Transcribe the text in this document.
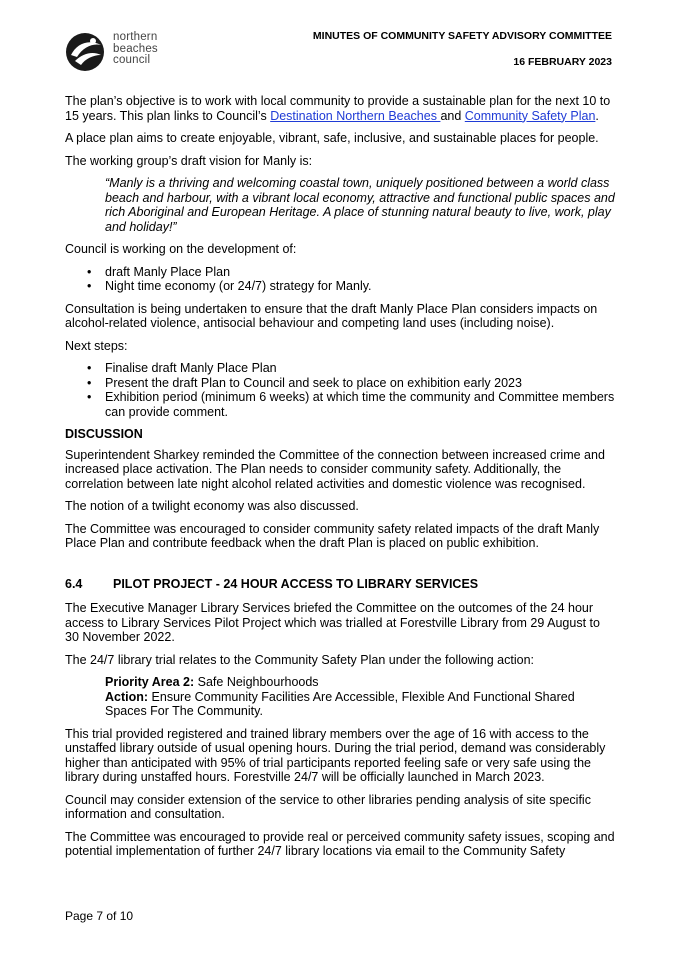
northern
beaches
council
MINUTES OF COMMUNITY SAFETY ADVISORY COMMITTEE
16 FEBRUARY 2023

The plan’s objective is to work with local community to provide a sustainable plan for the next 10 to 15 years. This plan links to Council’s Destination Northern Beaches and Community Safety Plan.

A place plan aims to create enjoyable, vibrant, safe, inclusive, and sustainable places for people.

The working group’s draft vision for Manly is:

“Manly is a thriving and welcoming coastal town, uniquely positioned between a world class beach and harbour, with a vibrant local economy, attractive and functional public spaces and rich Aboriginal and European Heritage. A place of stunning natural beauty to live, work, play and holiday!”

Council is working on the development of:

• draft Manly Place Plan
• Night time economy (or 24/7) strategy for Manly.

Consultation is being undertaken to ensure that the draft Manly Place Plan considers impacts on alcohol-related violence, antisocial behaviour and competing land uses (including noise).

Next steps:

• Finalise draft Manly Place Plan
• Present the draft Plan to Council and seek to place on exhibition early 2023
• Exhibition period (minimum 6 weeks) at which time the community and Committee members can provide comment.
DISCUSSION

Superintendent Sharkey reminded the Committee of the connection between increased crime and increased place activation. The Plan needs to consider community safety. Additionally, the correlation between late night alcohol related activities and domestic violence was recognised.

The notion of a twilight economy was also discussed.

The Committee was encouraged to consider community safety related impacts of the draft Manly Place Plan and contribute feedback when the draft Plan is placed on public exhibition.

6.4	PILOT PROJECT - 24 HOUR ACCESS TO LIBRARY SERVICES

The Executive Manager Library Services briefed the Committee on the outcomes of the 24 hour access to Library Services Pilot Project which was trialled at Forestville Library from 29 August to 30 November 2022.

The 24/7 library trial relates to the Community Safety Plan under the following action:

Priority Area 2: Safe Neighbourhoods
Action: Ensure Community Facilities Are Accessible, Flexible And Functional Shared Spaces For The Community.

This trial provided registered and trained library members over the age of 16 with access to the unstaffed library outside of usual opening hours. During the trial period, demand was considerably higher than anticipated with 95% of trial participants reported feeling safe or very safe using the library during unstaffed hours. Forestville 24/7 will be officially launched in March 2023.

Council may consider extension of the service to other libraries pending analysis of site specific information and consultation.

The Committee was encouraged to provide real or perceived community safety issues, scoping and potential implementation of further 24/7 library locations via email to the Community Safety

Page 7 of 10
